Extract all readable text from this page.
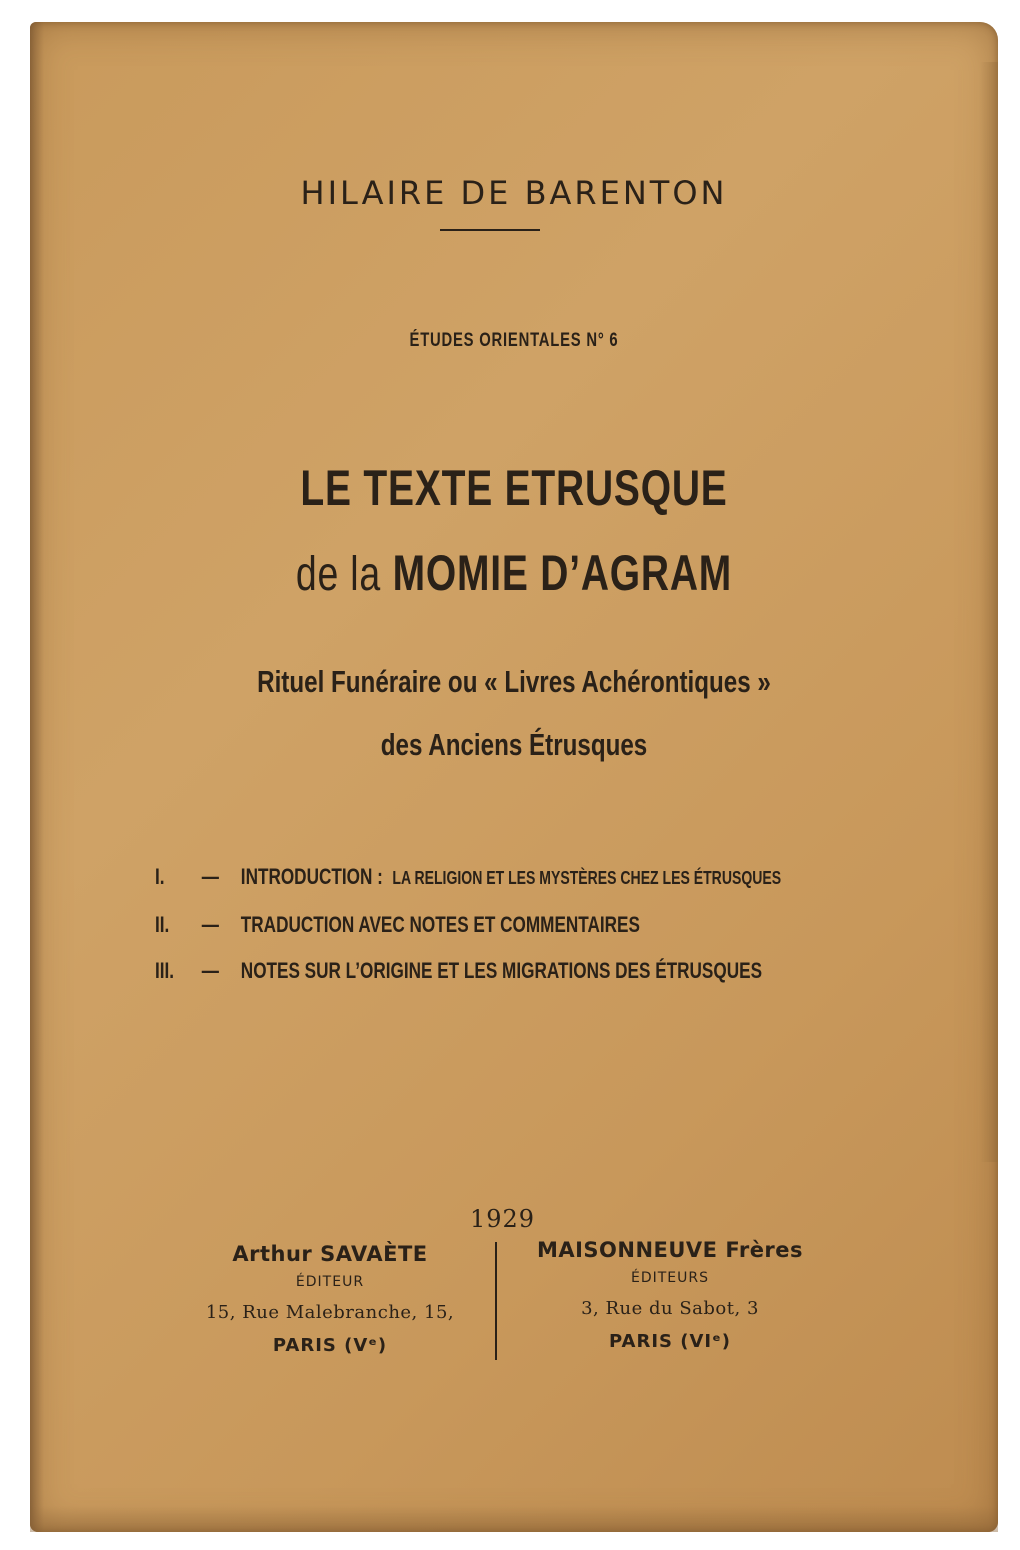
HILAIRE DE BARENTON
ÉTUDES ORIENTALES N° 6
LE TEXTE ETRUSQUE
de la MOMIE D’AGRAM
Rituel Funéraire ou « Livres Achérontiques »
des Anciens Étrusques
I. — INTRODUCTION : LA RELIGION ET LES MYSTÈRES CHEZ LES ÉTRUSQUES
II. — TRADUCTION AVEC NOTES ET COMMENTAIRES
III. — NOTES SUR L’ORIGINE ET LES MIGRATIONS DES ÉTRUSQUES
1929
Arthur SAVAÈTE
ÉDITEUR
15, Rue Malebranche, 15,
PARIS (Vᵉ)
MAISONNEUVE Frères
ÉDITEURS
3, Rue du Sabot, 3
PARIS (VIᵉ)
